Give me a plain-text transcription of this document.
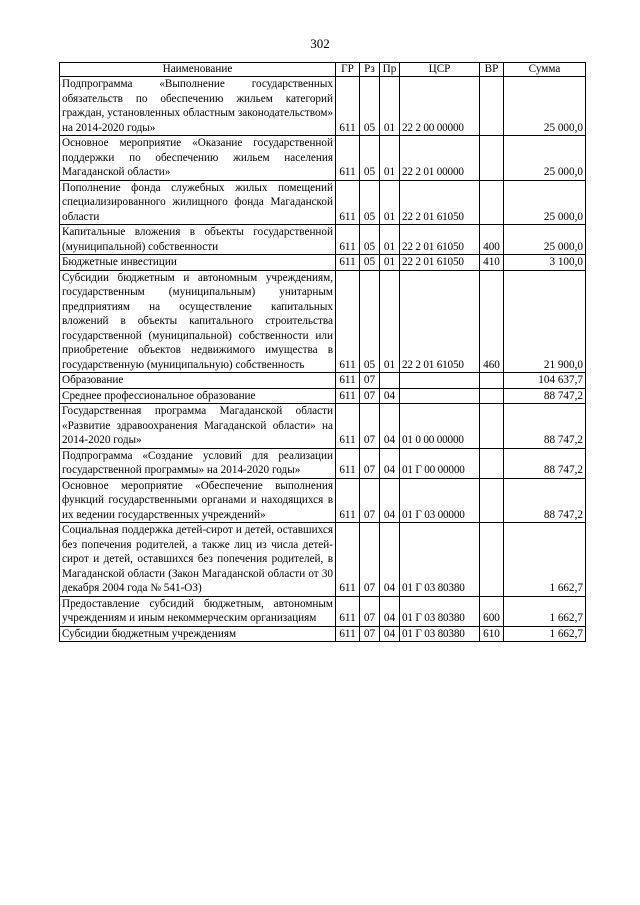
302
Наименование	ГР	Рз	Пр	ЦСР	ВР	Сумма
Подпрограмма «Выполнение государственных обязательств по обеспечению жильем категорий граждан, установленных областным законодательством» на 2014-2020 годы»	611	05	01	22 2 00 00000		25 000,0
Основное мероприятие «Оказание государственной поддержки по обеспечению жильем населения Магаданской области»	611	05	01	22 2 01 00000		25 000,0
Пополнение фонда служебных жилых помещений специализированного жилищного фонда Магаданской области	611	05	01	22 2 01 61050		25 000,0
Капитальные вложения в объекты государственной (муниципальной) собственности	611	05	01	22 2 01 61050	400	25 000,0
Бюджетные инвестиции	611	05	01	22 2 01 61050	410	3 100,0
Субсидии бюджетным и автономным учреждениям, государственным (муниципальным) унитарным предприятиям на осуществление капитальных вложений в объекты капитального строительства государственной (муниципальной) собственности или приобретение объектов недвижимого имущества в государственную (муниципальную) собственность	611	05	01	22 2 01 61050	460	21 900,0
Образование	611	07				104 637,7
Среднее профессиональное образование	611	07	04			88 747,2
Государственная программа Магаданской области «Развитие здравоохранения Магаданской области» на 2014-2020 годы»	611	07	04	01 0 00 00000		88 747,2
Подпрограмма «Создание условий для реализации государственной программы» на 2014-2020 годы»	611	07	04	01 Г 00 00000		88 747,2
Основное мероприятие «Обеспечение выполнения функций государственными органами и находящихся в их ведении государственных учреждений»	611	07	04	01 Г 03 00000		88 747,2
Социальная поддержка детей-сирот и детей, оставшихся без попечения родителей, а также лиц из числа детей-сирот и детей, оставшихся без попечения родителей, в Магаданской области (Закон Магаданской области от 30 декабря 2004 года № 541-ОЗ)	611	07	04	01 Г 03 80380		1 662,7
Предоставление субсидий бюджетным, автономным учреждениям и иным некоммерческим организациям	611	07	04	01 Г 03 80380	600	1 662,7
Субсидии бюджетным учреждениям	611	07	04	01 Г 03 80380	610	1 662,7
